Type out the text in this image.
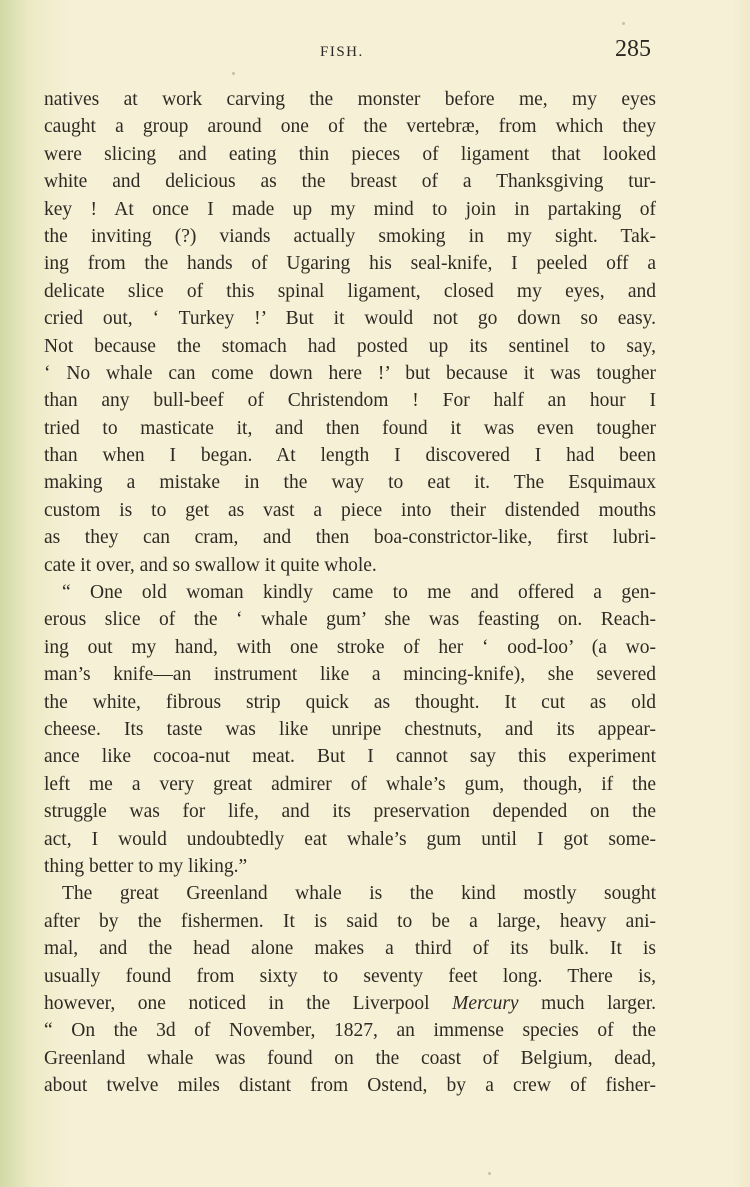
FISH.	285
natives at work carving the monster before me, my eyes
caught a group around one of the vertebræ, from which they
were slicing and eating thin pieces of ligament that looked
white and delicious as the breast of a Thanksgiving tur-
key ! At once I made up my mind to join in partaking of
the inviting (?) viands actually smoking in my sight. Tak-
ing from the hands of Ugaring his seal-knife, I peeled off a
delicate slice of this spinal ligament, closed my eyes, and
cried out, ‘ Turkey !’ But it would not go down so easy.
Not because the stomach had posted up its sentinel to say,
‘ No whale can come down here !’ but because it was tougher
than any bull-beef of Christendom ! For half an hour I
tried to masticate it, and then found it was even tougher
than when I began. At length I discovered I had been
making a mistake in the way to eat it. The Esquimaux
custom is to get as vast a piece into their distended mouths
as they can cram, and then boa-constrictor-like, first lubri-
cate it over, and so swallow it quite whole.
“ One old woman kindly came to me and offered a gen-
erous slice of the ‘ whale gum’ she was feasting on. Reach-
ing out my hand, with one stroke of her ‘ ood-loo’ (a wo-
man’s knife—an instrument like a mincing-knife), she severed
the white, fibrous strip quick as thought. It cut as old
cheese. Its taste was like unripe chestnuts, and its appear-
ance like cocoa-nut meat. But I cannot say this experiment
left me a very great admirer of whale’s gum, though, if the
struggle was for life, and its preservation depended on the
act, I would undoubtedly eat whale’s gum until I got some-
thing better to my liking.”
The great Greenland whale is the kind mostly sought
after by the fishermen. It is said to be a large, heavy ani-
mal, and the head alone makes a third of its bulk. It is
usually found from sixty to seventy feet long. There is,
however, one noticed in the Liverpool Mercury much larger.
“ On the 3d of November, 1827, an immense species of the
Greenland whale was found on the coast of Belgium, dead,
about twelve miles distant from Ostend, by a crew of fisher-
